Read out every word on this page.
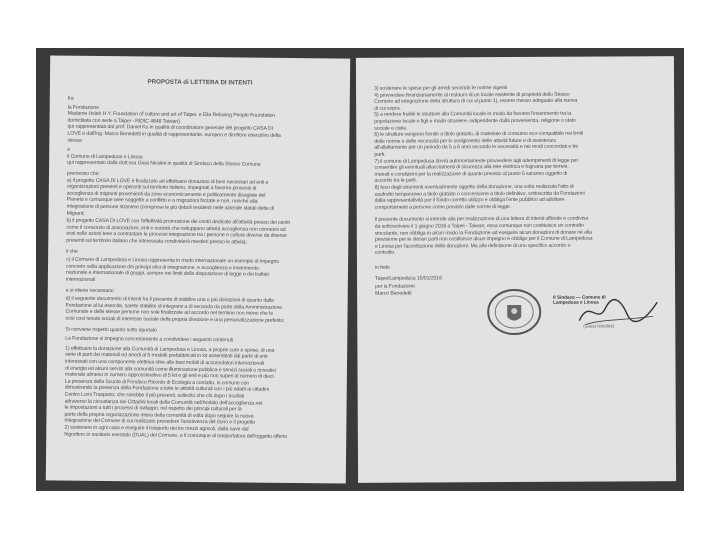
PROPOSTA di LETTERA DI INTENTI
fra
la Fondazione
Madame Hsieh H.Y. Foundation of culture and art of Taipei, e Ella Relaxing People Foundation
domiciliata con sede a Taipei - RIDIC 4848 Taiwan)
qui rappresentata dal prof. Daniel Ko in qualità di coordinatore generale del progetto CASA DI
LOVE e dall'Ing. Marco Benedetti in qualità di rappresentante, europeo e direttore esecutivo della
stessa
e
il Comune di Lampedusa e Linosa
qui rappresentato dalla dott.ssa Giusi Nicolini in qualità di Sindaco della Stesso Comune
premesso che:
a) il progetto CASA DI LOVE è finalizzato ad effettuare donazioni di beni necessari ad enti e
organizzazioni presenti e operanti sul territorio italiano, impegnati a favorire processi di
accoglienza di migranti provenienti da zone economicamente e politicamente disagiate del
Pianeta e comunque aree soggette a conflitto e a migrazioni forzate e non, nonché alla
integrazione di persone straniere (comprese le più deboli residenti nelle aziende statali dette di
Migrant;
b) il progetto CASA DI LOVE con l'effettività promozione dei centri dedicate all'attività presso dei centri
come il consorzio di associazioni, enti e società che sviluppano attività accoglienza non connessi ad
essi nelle azioni tese a contrastare le processi integrazione tra i persone e culture diverse da diverse
presenti sul territorio italiano che interessata condividerà mestieri presso le attività;
il che
c) il Comune di Lampedusa e Linosa rappresenta in modo internazionale un esempio di impegno
concreto nella applicazione dei principi etici di integrazione, e accoglienza e inserimento
nazionale e internazionale di gruppi, sempre nei limiti della disposizione di legge e dei trattati
internazionali
e si ritiene necessario
d) il seguente documento di intenti ha il presente di stabilire una o più donazioni di quanto dalla
Fondazione al lui esercita, sarete stabilite di integrarsi a di seconda da parte della Amministrazione
Comunale e delle stesse persone non sole finalizzate ad accordo nel termine non meno che le
così così tenute sociali di interesse sociale della propria direzione e una personalizzazione preferito;
Si conviene rispetto quanto sotto riportato
La Fondazione si impegna concretamente a condividere i seguenti contenuti
1) effettuare la donazione alla Comunità di Lampedusa e Linosa, a proprie cure e spese, di una
serie di parti dei materiali ed arredi al 5 modelli prefabbricati in kit assemblati dal parte di enti
interessati con una componente elettrica oltre alle basi mobili di accumulatori internazionali
di energia ed alcuni servizi alla comunità come illuminazione pubblica e servizi sociali o ricreativi
materiale almeno in numero approssimativo di 5 kit e gli enti e più non superi al numero di dieci.
La presenza della Scuola di Fondaco Ricordo di Ecologia a contatto, in comune con
dimostrando la presenza della Fondazione a tutte le attività culturali con i più adatti ai cittadini
Centro Lumi Trasporto; che sarebbe il più presenti, sollecito che chi dopo i risultati
attraverso la circostanza dei Cittadini locali della Comunità nell'Ambito dell'accoglienza nel
le impostazioni a tutti i processi di sviluppo, nel rispetto dei principi culturali per la
parte della propria organizzazione intera della comunità di volta dopo seguire la nuova
Integrazione del Comune di cui realizzato prevedere l'assolvenza del dono e il progetto
2) sostenere in ogni caso e eseguire il trasporto dei tre mezzi agricoli, dalla nave dal
frigorifero in sanitario esentato (DUAL) del Comune, e il comunque al trasportatore dell'oggetto offerto
3) sostenere le spese per gli arredi secondo le norme vigenti
4) provvedere finanziariamente al restauro di un locale esistente di proprietà dello Stesso
Comune ad integrazione della struttura di cui al punto 1), essere messo adeguato alla nuova
di cui sopra.
5) a rendere fruibili le strutture alla Comunità locale in modo da favorire l'inserimento tra la
popolazione locale e figli e madri straniere, indipendente dalla provenienza, religione o stato
sociale e civile.
6) le strutture vengono fornite a titolo gratuito, di materiale di consumo eco-compatibile nei limiti
delle norme e delle necessità per lo svolgimento delle attività future e di assistenza
all'allattamento per un periodo da 5 a 6 anni secondo le necessità e nei modi concordati e tre
parti.
7) il comune di Lampedusa dovrà autonomamente provvedere agli adempimenti di legge per
consentire gli eventuali allacciamenti di sicurezza alla rete elettrica e fognaria per terreni,
metodi e condizioni per la realizzazione di quanto previsto al punto 5 saranno oggetto di
accordo tra le parti.
8) fuso degli strumenti eventualmente oggetto della donazione, una volta realizzata l'atto di
usufrutto temporaneo a titolo gratuito o concessione a titolo definitivo, sottoscritta da Fondazioni
dalla rappresentatività per il fondo corretto utilizzo e obbliga l'ente pubblico ad adottare
comportamenti a persone come previsto dalle norme di legge.
Il presente documento si intende alla per realizzazione di una lettera di intenti ufficiale e condivisa
da sottoscrivere il 1 giugno 2016 a Taipei - Taiwan, essa comunque non costituisce un contratto
vincolante, non obbliga in alcun modo la Fondazione ad eseguire alcun donazioni di donare né alla
previsione per le stesse parti non costituisce alcun impegno e obbligo per il Comune di Lampedusa
e Linosa per l'accettazione delle donazioni. Ma alla definizione di uno specifico accordo o
contratto.
in fede
Taipei/Lampedusa 15/01/2016
per la Fondazione
Marco Benedetti
Il Sindaco — Comune di Lampedusa e Linosa
(Giusi Nicolini)
